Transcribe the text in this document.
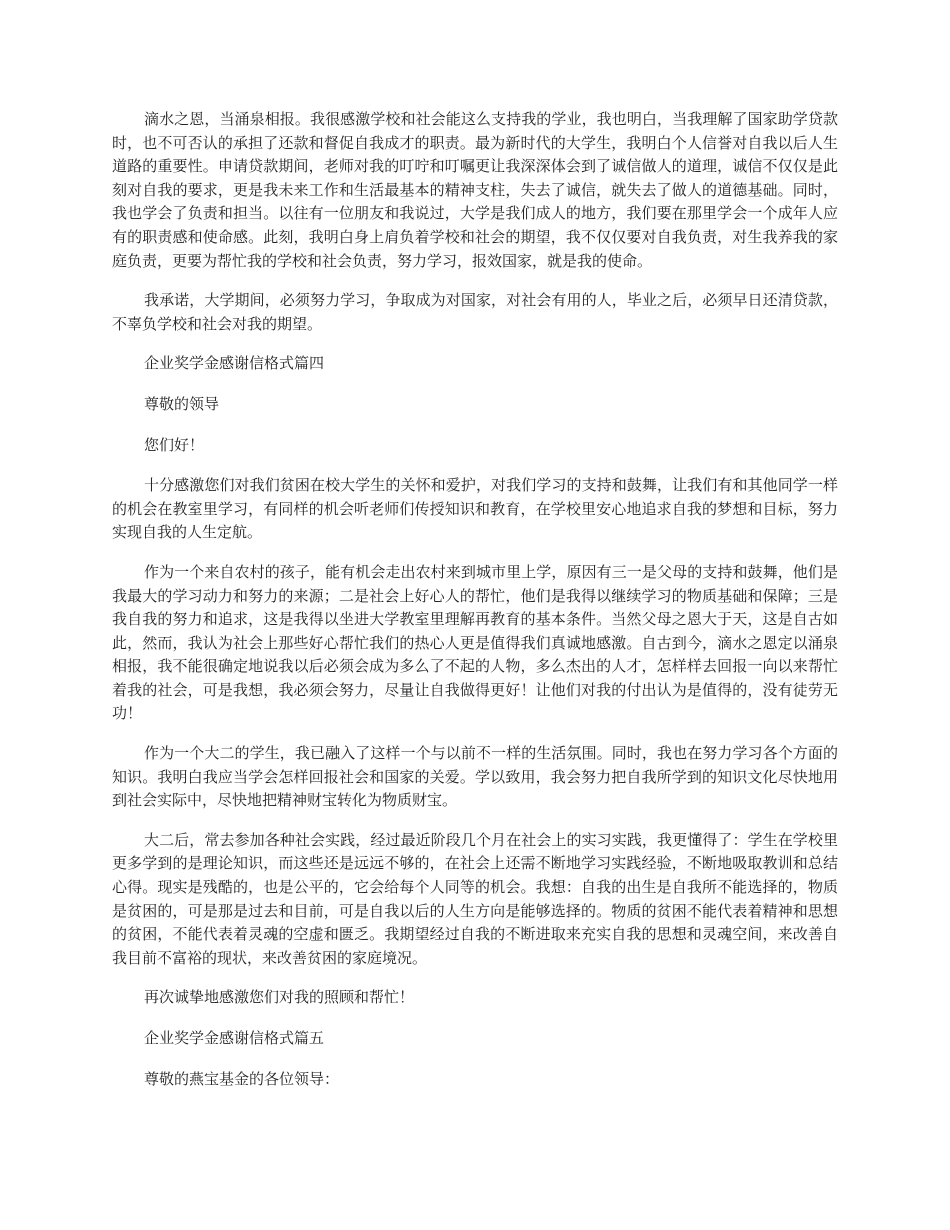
滴水之恩，当涌泉相报。我很感激学校和社会能这么支持我的学业，我也明白，当我理解了国家助学贷款时，也不可否认的承担了还款和督促自我成才的职责。最为新时代的大学生，我明白个人信誉对自我以后人生道路的重要性。申请贷款期间，老师对我的叮咛和叮嘱更让我深深体会到了诚信做人的道理，诚信不仅仅是此刻对自我的要求，更是我未来工作和生活最基本的精神支柱，失去了诚信，就失去了做人的道德基础。同时，我也学会了负责和担当。以往有一位朋友和我说过，大学是我们成人的地方，我们要在那里学会一个成年人应有的职责感和使命感。此刻，我明白身上肩负着学校和社会的期望，我不仅仅要对自我负责，对生我养我的家庭负责，更要为帮忙我的学校和社会负责，努力学习，报效国家，就是我的使命。

我承诺，大学期间，必须努力学习，争取成为对国家，对社会有用的人，毕业之后，必须早日还清贷款，不辜负学校和社会对我的期望。

企业奖学金感谢信格式篇四

尊敬的领导

您们好！

十分感激您们对我们贫困在校大学生的关怀和爱护，对我们学习的支持和鼓舞，让我们有和其他同学一样的机会在教室里学习，有同样的机会听老师们传授知识和教育，在学校里安心地追求自我的梦想和目标，努力实现自我的人生定航。

作为一个来自农村的孩子，能有机会走出农村来到城市里上学，原因有三一是父母的支持和鼓舞，他们是我最大的学习动力和努力的来源；二是社会上好心人的帮忙，他们是我得以继续学习的物质基础和保障；三是我自我的努力和追求，这是我得以坐进大学教室里理解再教育的基本条件。当然父母之恩大于天，这是自古如此，然而，我认为社会上那些好心帮忙我们的热心人更是值得我们真诚地感激。自古到今，滴水之恩定以涌泉相报，我不能很确定地说我以后必须会成为多么了不起的人物，多么杰出的人才，怎样样去回报一向以来帮忙着我的社会，可是我想，我必须会努力，尽量让自我做得更好！让他们对我的付出认为是值得的，没有徒劳无功！

作为一个大二的学生，我已融入了这样一个与以前不一样的生活氛围。同时，我也在努力学习各个方面的知识。我明白我应当学会怎样回报社会和国家的关爱。学以致用，我会努力把自我所学到的知识文化尽快地用到社会实际中，尽快地把精神财宝转化为物质财宝。

大二后，常去参加各种社会实践，经过最近阶段几个月在社会上的实习实践，我更懂得了：学生在学校里更多学到的是理论知识，而这些还是远远不够的，在社会上还需不断地学习实践经验，不断地吸取教训和总结心得。现实是残酷的，也是公平的，它会给每个人同等的机会。我想：自我的出生是自我所不能选择的，物质是贫困的，可是那是过去和目前，可是自我以后的人生方向是能够选择的。物质的贫困不能代表着精神和思想的贫困，不能代表着灵魂的空虚和匮乏。我期望经过自我的不断进取来充实自我的思想和灵魂空间，来改善自我目前不富裕的现状，来改善贫困的家庭境况。

再次诚挚地感激您们对我的照顾和帮忙！

企业奖学金感谢信格式篇五

尊敬的燕宝基金的各位领导：
